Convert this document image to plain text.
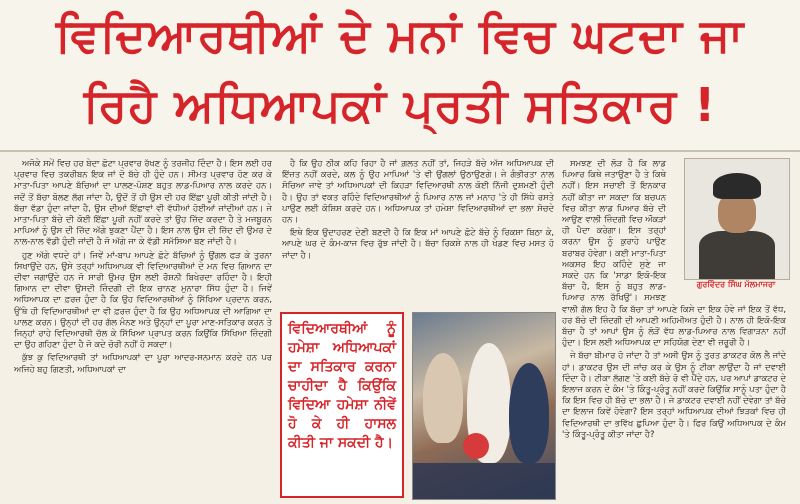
ਵਿਦਿਆਰਥੀਆਂ ਦੇ ਮਨਾਂ ਵਿਚ ਘਟਦਾ ਜਾ
ਰਿਹੈ ਅਧਿਆਪਕਾਂ ਪ੍ਰਤੀ ਸਤਿਕਾਰ !

ਅਜੋਕੇ ਸਮੇਂ ਵਿਚ ਹਰ ਬੇਦਾ ਛੋਟਾ ਪ੍ਰਵਾਰ ਰੱਖਣ ਨੂੰ ਤਰਜੀਹ ਦਿੰਦਾ ਹੈ। ਇਸ ਲਈ ਹਰ ਪ੍ਰਵਾਰ ਵਿਚ ਤਕਰੀਬਨ ਇਕ ਜਾਂ ਦੋ ਬੱਚੇ ਹੀ ਹੁੰਦੇ ਹਨ। ਸੀਮਤ ਪ੍ਰਵਾਰ ਹੋਣ ਕਰ ਕੇ ਮਾਤਾ-ਪਿਤਾ ਆਪਣੇ ਬੱਚਿਆਂ ਦਾ ਪਾਲਣ-ਪੋਸ਼ਣ ਬਹੁਤ ਲਾਡ-ਪਿਆਰ ਨਾਲ ਕਰਦੇ ਹਨ। ਜਦੋਂ ਤੋਂ ਬੱਚਾ ਬੋਲਣ ਲੱਗ ਜਾਂਦਾ ਹੈ, ਉਦੋਂ ਤੋਂ ਹੀ ਉਸ ਦੀ ਹਰ ਇੱਛਾ ਪੂਰੀ ਕੀਤੀ ਜਾਂਦੀ ਹੈ। ਬੱਚਾ ਵੱਡਾ ਹੁੰਦਾ ਜਾਂਦਾ ਹੈ, ਉਸ ਦੀਆਂ ਇੱਛਾਵਾਂ ਵੀ ਵੱਧੀਆਂ ਹੋਈਆਂ ਜਾਂਦੀਆਂ ਹਨ। ਜੇ ਮਾਤਾ-ਪਿਤਾ ਬੱਚੇ ਦੀ ਕੋਈ ਇੱਛਾ ਪੂਰੀ ਨਹੀਂ ਕਰਦੇ ਤਾਂ ਉਹ ਜ਼ਿੱਦ ਕਰਦਾ ਹੈ ਤੇ ਮਜਬੂਰਨ ਮਾਪਿਆਂ ਨੂੰ ਉਸ ਦੀ ਜ਼ਿੱਦ ਅੱਗੇ ਝੁਕਣਾ ਪੈਂਦਾ ਹੈ। ਇਸ ਨਾਲ ਉਸ ਦੀ ਜ਼ਿੱਦ ਦੀ ਉਮਰ ਦੇ ਨਾਲ-ਨਾਲ ਵੱਡੀ ਹੁੰਦੀ ਜਾਂਦੀ ਹੈ ਜੋ ਅੱਗੇ ਜਾ ਕੇ ਵੱਡੀ ਸਮੱਸਿਆ ਬਣ ਜਾਂਦੀ ਹੈ।

ਹੁਣ ਅੱਗੇ ਵਧਦੇ ਹਾਂ। ਜਿਵੇਂ ਮਾਂ-ਬਾਪ ਆਪਣੇ ਛੋਟੇ ਬੱਚਿਆਂ ਨੂੰ ਉਂਗਲ ਫੜ ਕੇ ਤੁਰਨਾ ਸਿਖਾਉਂਦੇ ਹਨ, ਉਸੇ ਤਰ੍ਹਾਂ ਅਧਿਆਪਕ ਵੀ ਵਿਦਿਆਰਥੀਆਂ ਦੇ ਮਨ ਵਿਚ ਗਿਆਨ ਦਾ ਦੀਵਾ ਜਗਾਉਂਦੇ ਹਨ ਜੋ ਸਾਰੀ ਉਮਰ ਉਸ ਲਈ ਰੌਸ਼ਨੀ ਬਿਖੇਰਦਾ ਰਹਿੰਦਾ ਹੈ। ਇਹੀ ਗਿਆਨ ਦਾ ਦੀਵਾ ਉਸਦੀ ਜ਼ਿੰਦਗੀ ਦੀ ਇਕ ਚਾਨਣ ਮੁਨਾਰਾ ਸਿੱਧ ਹੁੰਦਾ ਹੈ। ਜਿਵੇਂ ਅਧਿਆਪਕ ਦਾ ਫ਼ਰਜ਼ ਹੁੰਦਾ ਹੈ ਕਿ ਉਹ ਵਿਦਿਆਰਥੀਆਂ ਨੂੰ ਸਿੱਖਿਆ ਪ੍ਰਦਾਨ ਕਰਨ, ਉੱਥੇ ਹੀ ਵਿਦਿਆਰਥੀਆਂ ਦਾ ਵੀ ਫ਼ਰਜ਼ ਹੁੰਦਾ ਹੈ ਕਿ ਉਹ ਅਧਿਆਪਕ ਦੀ ਆਗਿਆ ਦਾ ਪਾਲਣ ਕਰਨ। ਉਨ੍ਹਾਂ ਦੀ ਹਰ ਗੱਲ ਮੰਨਣ ਅਤੇ ਉਨ੍ਹਾਂ ਦਾ ਪੂਰਾ ਮਾਣ-ਸਤਿਕਾਰ ਕਰਨ ਤੇ ਜਿਨ੍ਹਾਂ ਰਾਹੇ ਵਿਦਿਆਰਥੀ ਚੱਲ ਕੇ ਸਿੱਖਿਆ ਪ੍ਰਾਪਤ ਕਰਨ ਕਿਉਂਕਿ ਸਿੱਖਿਆ ਜ਼ਿੰਦਗੀ ਦਾ ਉਹ ਗਹਿਣਾ ਹੁੰਦਾ ਹੈ ਜੋ ਕਦੇ ਚੋਰੀ ਨਹੀਂ ਹੋ ਸਕਦਾ।

ਕੁੱਝ ਕੁ ਵਿਦਿਆਰਥੀ ਤਾਂ ਅਧਿਆਪਕਾਂ ਦਾ ਪੂਰਾ ਆਦਰ-ਸਨਮਾਨ ਕਰਦੇ ਹਨ ਪਰ ਅਜਿਹੇ ਬਹੁ ਗਿਣਤੀ, ਅਧਿਆਪਕਾਂ ਦਾ

ਹੈ ਕਿ ਉਹ ਠੀਕ ਕਹਿ ਰਿਹਾ ਹੈ ਜਾਂ ਗ਼ਲਤ ਨਹੀਂ ਤਾਂ, ਜਿਹੜੇ ਬੱਚੇ ਅੱਜ ਅਧਿਆਪਕ ਦੀ ਇੱਜ਼ਤ ਨਹੀਂ ਕਰਦੇ, ਕਲ ਨੂੰ ਉਹ ਮਾਪਿਆਂ 'ਤੇ ਵੀ ਉਂਗਲਾਂ ਉਠਾਉਣਗੇ। ਜੇ ਗੰਭੀਰਤਾ ਨਾਲ ਸੋਚਿਆ ਜਾਵੇ ਤਾਂ ਅਧਿਆਪਕਾਂ ਦੀ ਕਿਹੜਾ ਵਿਦਿਆਰਥੀ ਨਾਲ ਕੋਈ ਨਿੱਜੀ ਦੁਸ਼ਮਣੀ ਹੁੰਦੀ ਹੈ। ਉਹ ਤਾਂ ਵਕਤ ਰਹਿੰਦੇ ਵਿਦਿਆਰਥੀਆਂ ਨੂੰ ਪਿਆਰ ਨਾਲ ਜਾਂ ਮਨਾਹ 'ਤੇ ਹੀ ਸਿੱਧੇ ਰਸਤੇ ਪਾਉਣ ਲਈ ਕੋਸ਼ਿਸ਼ ਕਰਦੇ ਹਨ। ਅਧਿਆਪਕ ਤਾਂ ਹਮੇਸ਼ਾ ਵਿਦਿਆਰਥੀਆਂ ਦਾ ਭਲਾ ਸੋਚਦੇ ਹਨ।

ਇਥੇ ਇਕ ਉਦਾਹਰਣ ਦੇਣੀ ਬਣਦੀ ਹੈ ਕਿ ਇਕ ਮਾਂ ਆਪਣੇ ਛੋਟੇ ਬੱਚੇ ਨੂੰ ਰਿਕਸ਼ਾ ਬਿਠਾ ਕੇ, ਆਪਣੇ ਘਰ ਦੇ ਕੰਮ-ਕਾਜ ਵਿਚ ਰੁੱਝ ਜਾਂਦੀ ਹੈ। ਬੱਚਾ ਰਿਕਸ਼ੇ ਨਾਲ ਹੀ ਖੇਡਣ ਵਿਚ ਮਸਤ ਹੋ ਜਾਂਦਾ ਹੈ।

ਵਿਦਿਆਰਥੀਆਂ ਨੂੰ ਹਮੇਸ਼ਾ ਅਧਿਆਪਕਾਂ ਦਾ ਸਤਿਕਾਰ ਕਰਨਾ ਚਾਹੀਦਾ ਹੈ ਕਿਉਂਕਿ ਵਿਦਿਆ ਹਮੇਸ਼ਾ ਨੀਵੇਂ ਹੋ ਕੇ ਹੀ ਹਾਸਲ ਕੀਤੀ ਜਾ ਸਕਦੀ ਹੈ।

ਸਮਝਣ ਦੀ ਲੋੜ ਹੈ ਕਿ ਲਾਡ ਪਿਆਰ ਕਿਥੇ ਜਤਾਉਣਾ ਹੈ ਤੇ ਕਿਥੇ ਨਹੀਂ। ਇਸ ਸਚਾਈ ਤੋਂ ਇਨਕਾਰ ਨਹੀਂ ਕੀਤਾ ਜਾ ਸਕਦਾ ਕਿ ਬਚਪਨ ਵਿਚ ਕੀਤਾ ਲਾਡ ਪਿਆਰ ਬੱਚੇ ਦੀ ਆਉਣ ਵਾਲੀ ਜ਼ਿੰਦਗੀ ਵਿਚ ਔਕੜਾਂ ਹੀ ਪੈਦਾ ਕਰੇਗਾ। ਇਸ ਤਰ੍ਹਾਂ ਕਰਨਾ ਉਸ ਨੂੰ ਕੁਰਾਹੇ ਪਾਉਣ ਬਰਾਬਰ ਹੋਵੇਗਾ। ਕਈ ਮਾਤਾ-ਪਿਤਾ ਅਕਸਰ ਇਹ ਕਹਿੰਦੇ ਸੁਣੇ ਜਾ ਸਕਦੇ ਹਨ ਕਿ 'ਸਾਡਾ ਇਕੋ-ਇਕ ਬੱਚਾ ਹੈ, ਇਸ ਨੂੰ ਬਹੁਤ ਲਾਡ-ਪਿਆਰ ਨਾਲ ਰੱਖਿਉ'। ਸਮਝਣ ਵਾਲੀ ਗੱਲ ਇਹ ਹੈ ਕਿ ਬੱਚਾ ਤਾਂ ਆਪਣੇ ਕਿਸੇ ਦਾ ਇਕ ਹੋਵੇ ਜਾਂ ਇਕ ਤੋਂ ਵੱਧ, ਹਰ ਬੱਚੇ ਦੀ ਜ਼ਿੰਦਗੀ ਦੀ ਆਪਣੀ ਅਹਿਮੀਅਤ ਹੁੰਦੀ ਹੈ। ਨਾਲ ਹੀ ਇਕੋ-ਇਕ ਬੱਚਾ ਹੈ ਤਾਂ ਆਪਾਂ ਉਸ ਨੂੰ ਲੋੜੋਂ ਵੱਧ ਲਾਡ-ਪਿਆਰ ਨਾਲ ਵਿਗਾੜਨਾ ਨਹੀਂ ਹੁੰਦਾ। ਇਸ ਲਈ ਅਧਿਆਪਕ ਦਾ ਸਹਿਯੋਗ ਦੇਣਾ ਵੀ ਜ਼ਰੂਰੀ ਹੈ।

ਜੇ ਬੱਚਾ ਬੀਮਾਰ ਹੋ ਜਾਂਦਾ ਹੈ ਤਾਂ ਅਸੀ ਉਸ ਨੂੰ ਤੁਰਤ ਡਾਕਟਰ ਕੋਲ ਲੈ ਜਾਂਦੇ ਹਾਂ। ਡਾਕਟਰ ਉਸ ਦੀ ਜਾਂਚ ਕਰ ਕੇ ਉਸ ਨੂੰ ਟੀਕਾ ਲਾਉਂਦਾ ਹੈ ਜਾਂ ਦਵਾਈ ਦਿੰਦਾ ਹੈ। ਟੀਕਾ ਲੱਗਣ 'ਤੇ ਕਈ ਬੱਚੇ ਰੋ ਵੀ ਪੈਂਦੇ ਹਨ, ਪਰ ਆਪਾਂ ਡਾਕਟਰ ਦੇ ਇਲਾਜ ਕਰਨ ਦੇ ਕੰਮ 'ਤੇ ਕਿੰਤੂ-ਪ੍ਰੰਤੂ ਨਹੀਂ ਕਰਦੇ ਕਿਉਂਕਿ ਸਾਨੂੰ ਪਤਾ ਹੁੰਦਾ ਹੈ ਕਿ ਇਸ ਵਿਚ ਹੀ ਬੱਚੇ ਦਾ ਭਲਾ ਹੈ। ਜੇ ਡਾਕਟਰ ਦਵਾਈ ਨਹੀਂ ਦੇਵੇਗਾ ਤਾਂ ਬੱਚੇ ਦਾ ਇਲਾਜ ਕਿਵੇਂ ਹੋਵੇਗਾ? ਇਸ ਤਰ੍ਹਾਂ ਅਧਿਆਪਕ ਦੀਆਂ ਝਿੜਕਾਂ ਵਿਚ ਹੀ ਵਿਦਿਆਰਥੀ ਦਾ ਭਵਿੱਖ ਛੁਪਿਆ ਹੁੰਦਾ ਹੈ। ਫਿਰ ਕਿਉਂ ਅਧਿਆਪਕ ਦੇ ਕੰਮ 'ਤੇ ਕਿੰਤੂ-ਪ੍ਰੰਤੂ ਕੀਤਾ ਜਾਂਦਾ ਹੈ?

ਗੁਰਵਿੰਦਰ ਸਿੰਘ ਮੱਲਮਾਜਰਾ
